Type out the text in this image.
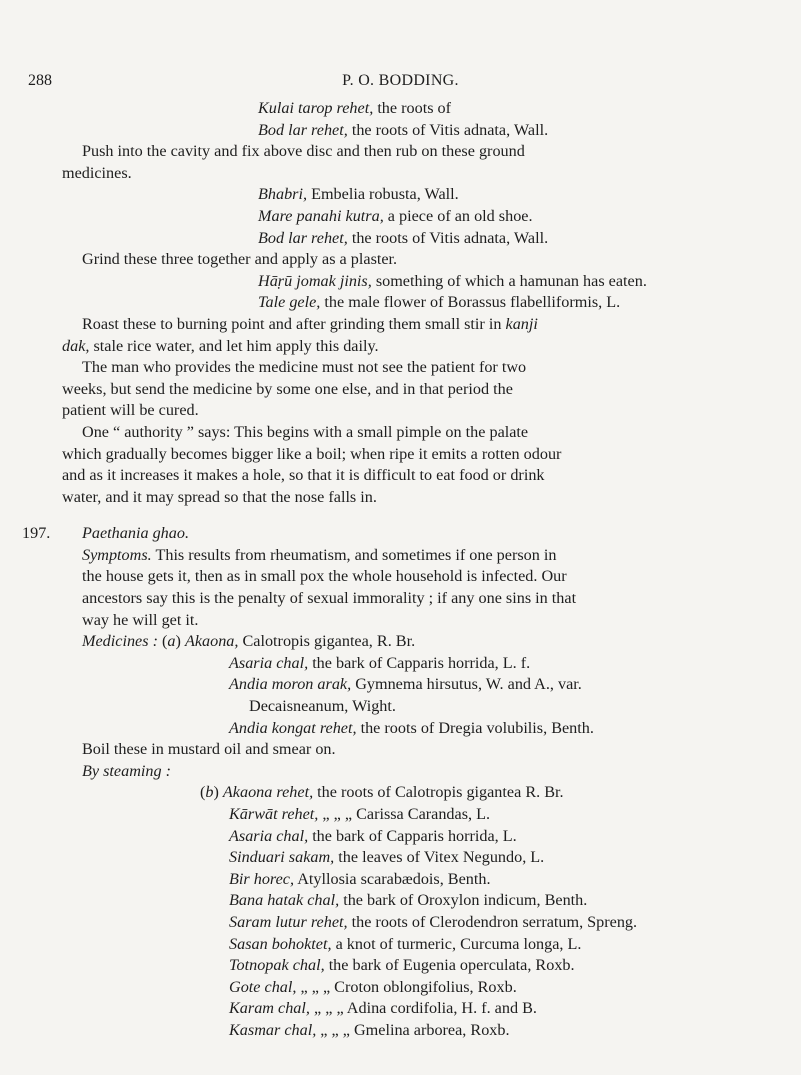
288	P. O. BODDING.
Kulai tarop rehet, the roots of
Bod lar rehet, the roots of Vitis adnata, Wall.
Push into the cavity and fix above disc and then rub on these ground
medicines.
Bhabri, Embelia robusta, Wall.
Mare panahi kutra, a piece of an old shoe.
Bod lar rehet, the roots of Vitis adnata, Wall.
Grind these three together and apply as a plaster.
Hāṛū jomak jinis, something of which a hamunan has eaten.
Tale gele, the male flower of Borassus flabelliformis, L.
Roast these to burning point and after grinding them small stir in kanji
dak, stale rice water, and let him apply this daily.
The man who provides the medicine must not see the patient for two
weeks, but send the medicine by some one else, and in that period the
patient will be cured.
One “ authority ” says: This begins with a small pimple on the palate
which gradually becomes bigger like a boil; when ripe it emits a rotten odour
and as it increases it makes a hole, so that it is difficult to eat food or drink
water, and it may spread so that the nose falls in.
197. Paethania ghao.
Symptoms. This results from rheumatism, and sometimes if one person in
the house gets it, then as in small pox the whole household is infected. Our
ancestors say this is the penalty of sexual immorality ; if any one sins in that
way he will get it.
Medicines : (a) Akaona, Calotropis gigantea, R. Br.
Asaria chal, the bark of Capparis horrida, L. f.
Andia moron arak, Gymnema hirsutus, W. and A., var.
Decaisneanum, Wight.
Andia kongat rehet, the roots of Dregia volubilis, Benth.
Boil these in mustard oil and smear on.
By steaming :
(b) Akaona rehet, the roots of Calotropis gigantea R. Br.
Kārwāt rehet, „ „ „ Carissa Carandas, L.
Asaria chal, the bark of Capparis horrida, L.
Sinduari sakam, the leaves of Vitex Negundo, L.
Bir horec, Atyllosia scarabædois, Benth.
Bana hatak chal, the bark of Oroxylon indicum, Benth.
Saram lutur rehet, the roots of Clerodendron serratum, Spreng.
Sasan bohoktet, a knot of turmeric, Curcuma longa, L.
Totnopak chal, the bark of Eugenia operculata, Roxb.
Gote chal, „ „ „ Croton oblongifolius, Roxb.
Karam chal, „ „ „ Adina cordifolia, H. f. and B.
Kasmar chal, „ „ „ Gmelina arborea, Roxb.
